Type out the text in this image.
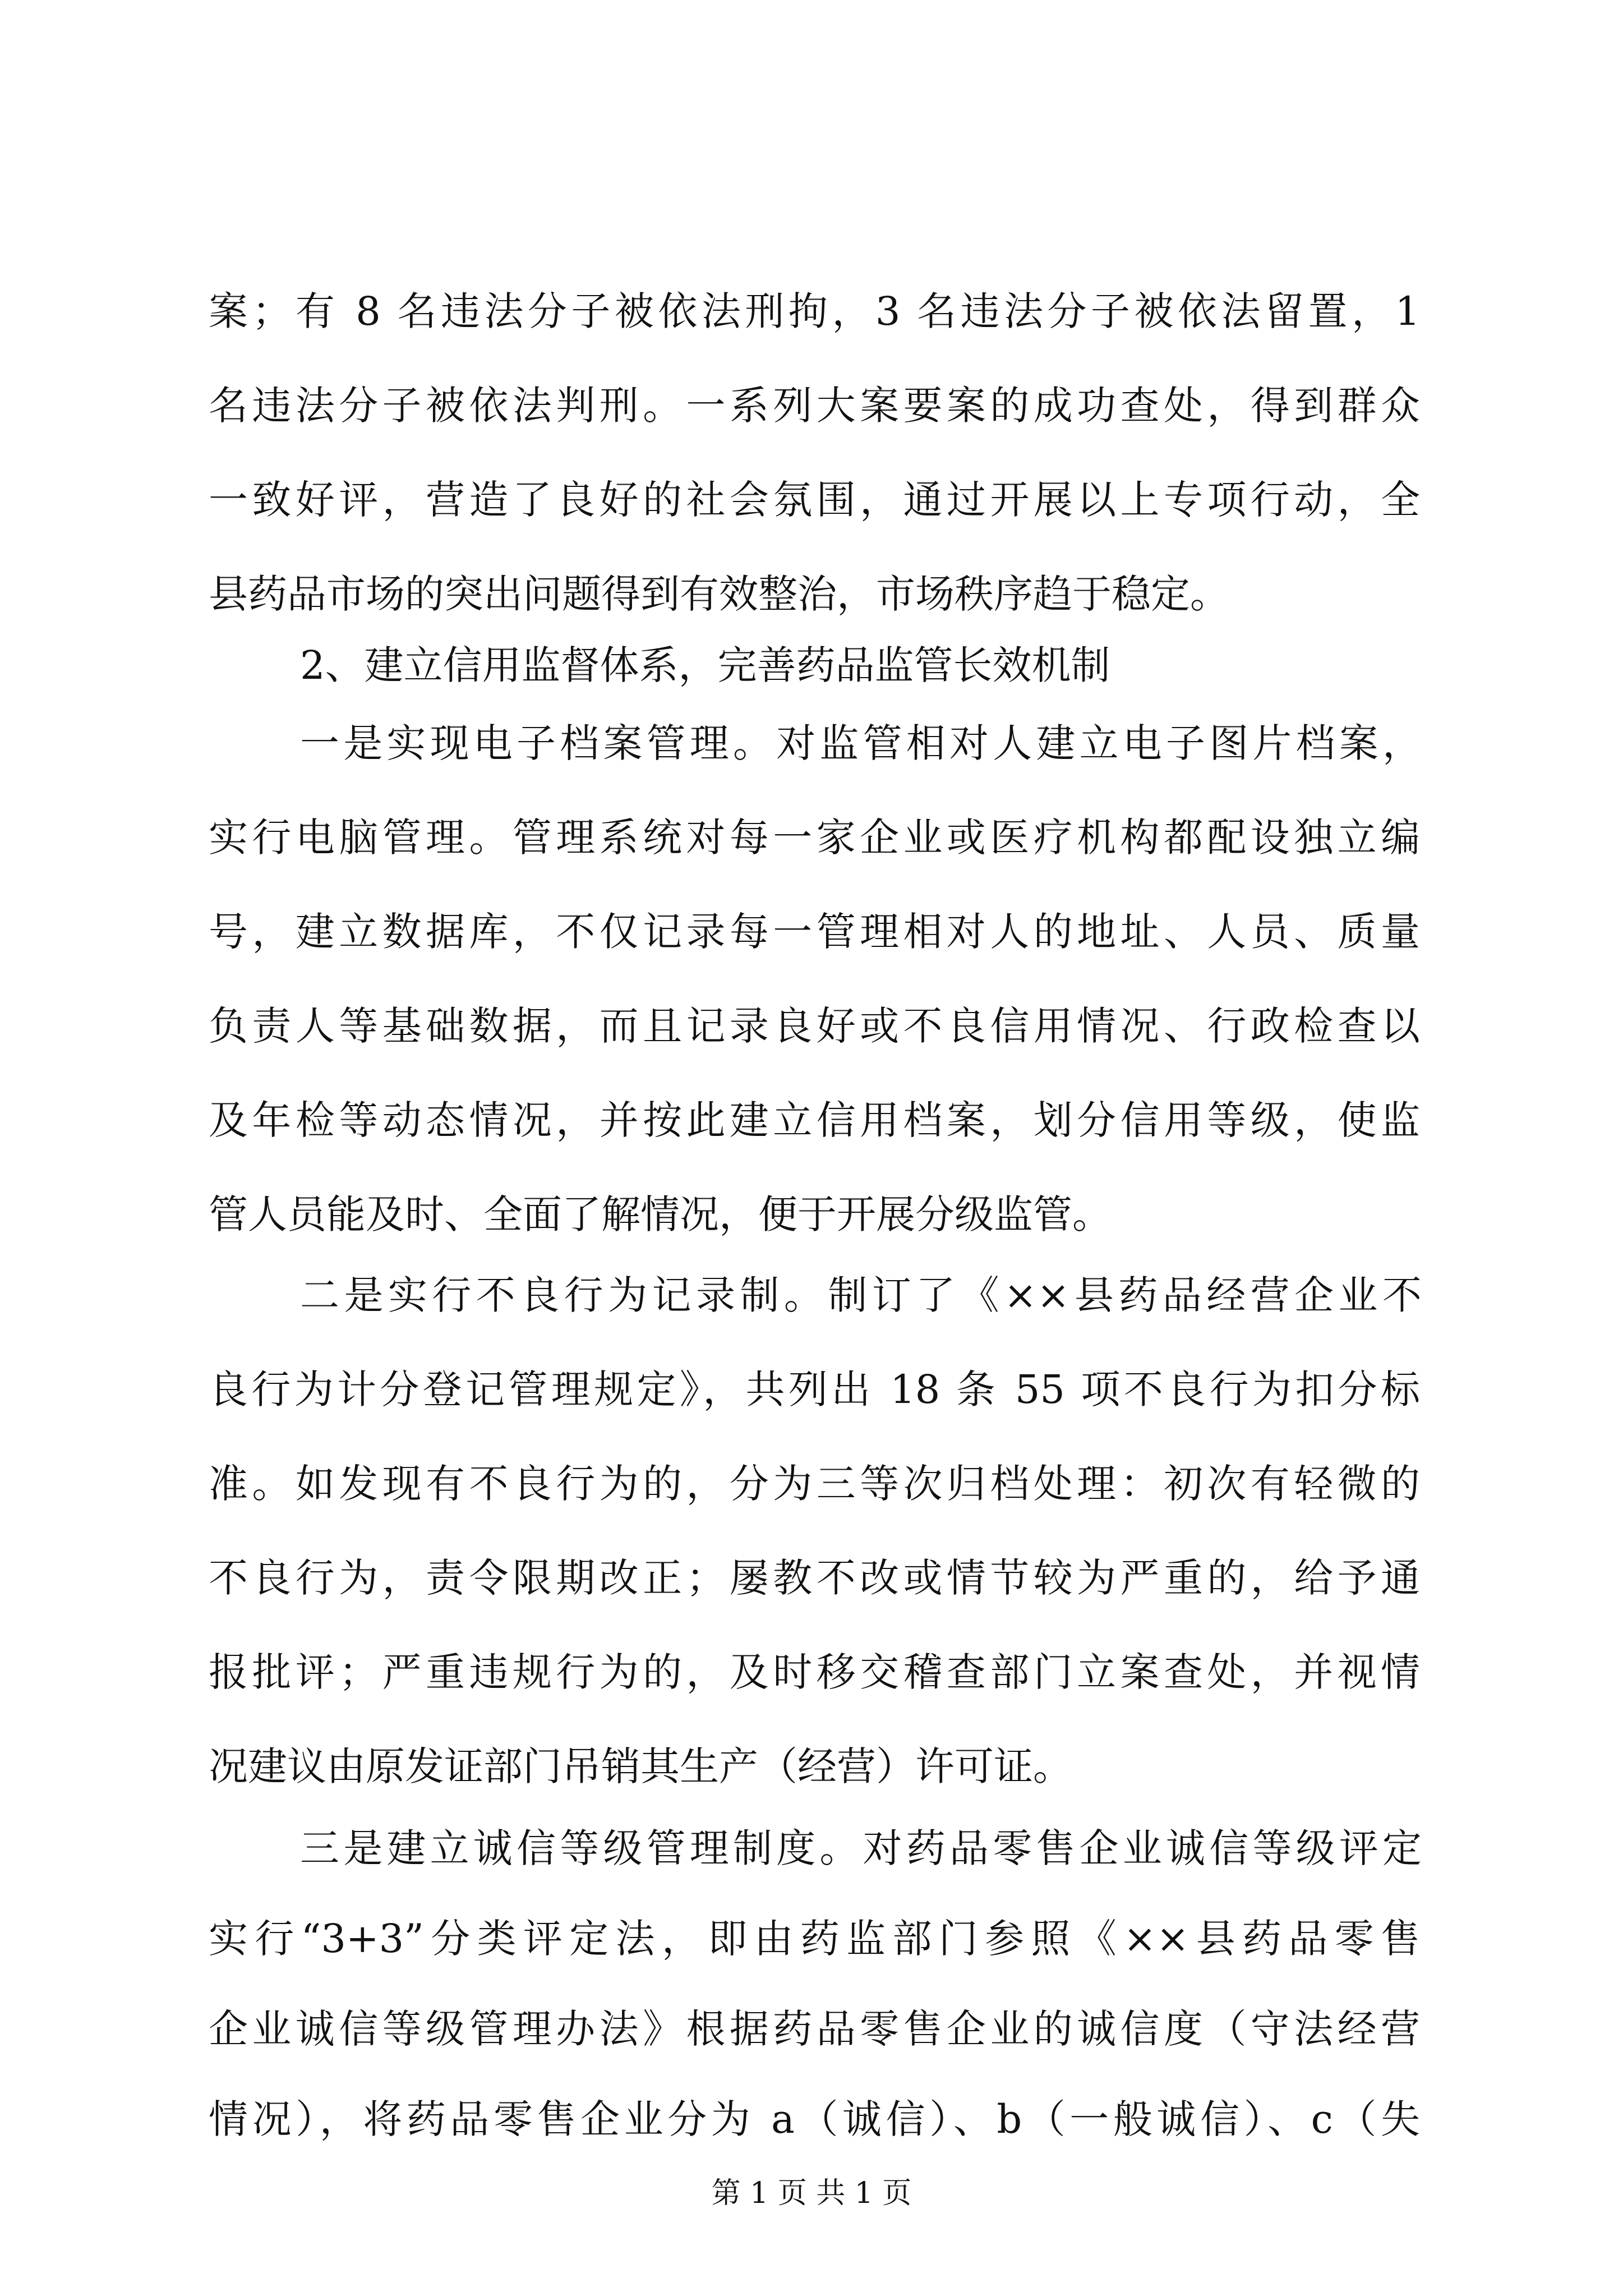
案；有 8 名违法分子被依法刑拘，3 名违法分子被依法留置，1
名违法分子被依法判刑。一系列大案要案的成功查处，得到群众
一致好评，营造了良好的社会氛围，通过开展以上专项行动，全
县药品市场的突出问题得到有效整治，市场秩序趋于稳定。
2、建立信用监督体系，完善药品监管长效机制
一是实现电子档案管理。对监管相对人建立电子图片档案，
实行电脑管理。管理系统对每一家企业或医疗机构都配设独立编
号，建立数据库，不仅记录每一管理相对人的地址、人员、质量
负责人等基础数据，而且记录良好或不良信用情况、行政检查以
及年检等动态情况，并按此建立信用档案，划分信用等级，使监
管人员能及时、全面了解情况，便于开展分级监管。
二是实行不良行为记录制。制订了《××县药品经营企业不
良行为计分登记管理规定》，共列出 18 条 55 项不良行为扣分标
准。如发现有不良行为的，分为三等次归档处理：初次有轻微的
不良行为，责令限期改正；屡教不改或情节较为严重的，给予通
报批评；严重违规行为的，及时移交稽查部门立案查处，并视情
况建议由原发证部门吊销其生产（经营）许可证。
三是建立诚信等级管理制度。对药品零售企业诚信等级评定
实行“3+3”分类评定法，即由药监部门参照《××县药品零售
企业诚信等级管理办法》根据药品零售企业的诚信度（守法经营
情况），将药品零售企业分为 a（诚信）、b（一般诚信）、c（失
第 1 页 共 1 页
